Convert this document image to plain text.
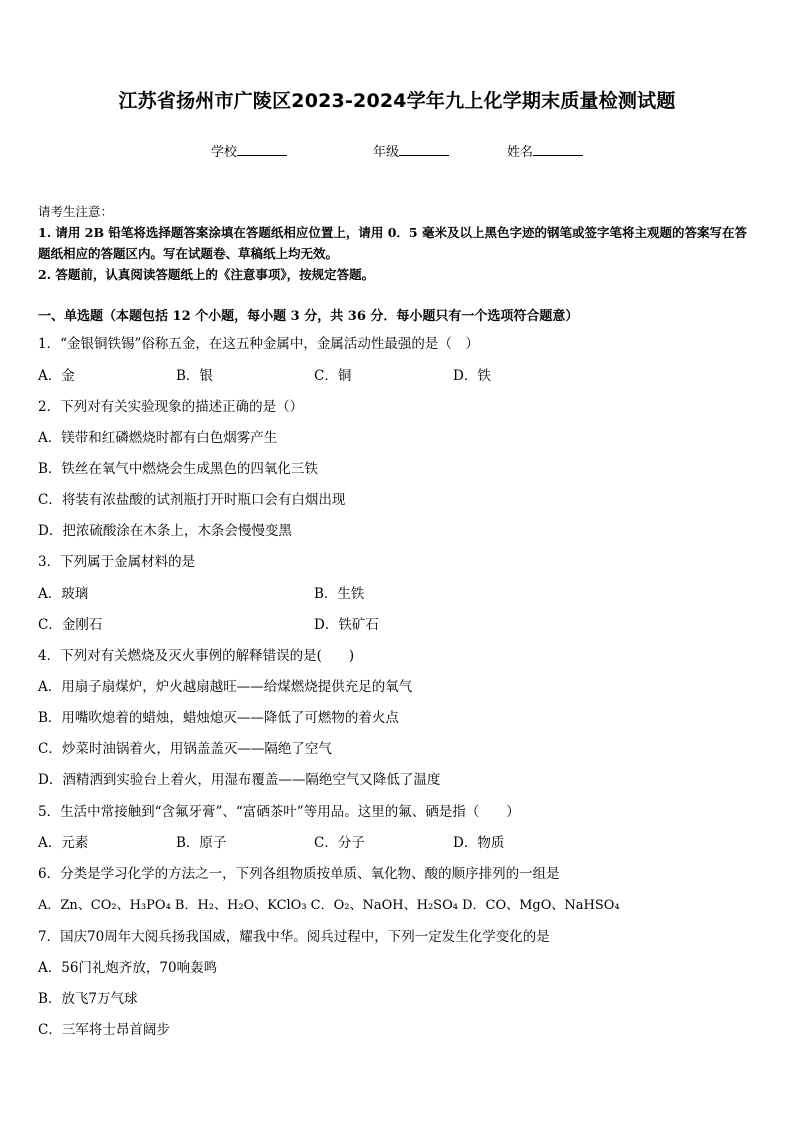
江苏省扬州市广陵区2023-2024学年九上化学期末质量检测试题
学校	年级	姓名
请考生注意：
1. 请用 2B 铅笔将选择题答案涂填在答题纸相应位置上，请用 0．5 毫米及以上黑色字迹的钢笔或签字笔将主观题的答案写在答题纸相应的答题区内。写在试题卷、草稿纸上均无效。
2. 答题前，认真阅读答题纸上的《注意事项》，按规定答题。
一、单选题（本题包括 12 个小题，每小题 3 分，共 36 分．每小题只有一个选项符合题意）
1．“金银铜铁锡”俗称五金，在这五种金属中，金属活动性最强的是（　）
A．金	B．银	C．铜	D．铁
2．下列对有关实验现象的描述正确的是（）
A．镁带和红磷燃烧时都有白色烟雾产生
B．铁丝在氧气中燃烧会生成黑色的四氧化三铁
C．将装有浓盐酸的试剂瓶打开时瓶口会有白烟出现
D．把浓硫酸涂在木条上，木条会慢慢变黑
3．下列属于金属材料的是
A．玻璃	B．生铁
C．金刚石	D．铁矿石
4．下列对有关燃烧及灭火事例的解释错误的是(　　)
A．用扇子扇煤炉，炉火越扇越旺——给煤燃烧提供充足的氧气
B．用嘴吹熄着的蜡烛，蜡烛熄灭——降低了可燃物的着火点
C．炒菜时油锅着火，用锅盖盖灭——隔绝了空气
D．酒精洒到实验台上着火，用湿布覆盖——隔绝空气又降低了温度
5．生活中常接触到“含氟牙膏”、“富硒茶叶”等用品。这里的氟、硒是指（　　）
A．元素	B．原子	C．分子	D．物质
6．分类是学习化学的方法之一，下列各组物质按单质、氧化物、酸的顺序排列的一组是
A．Zn、CO₂、H₃PO₄ B．H₂、H₂O、KClO₃ C．O₂、NaOH、H₂SO₄ D．CO、MgO、NaHSO₄
7．国庆70周年大阅兵扬我国威，耀我中华。阅兵过程中，下列一定发生化学变化的是
A．56门礼炮齐放，70响轰鸣
B．放飞7万气球
C．三军将士昂首阔步
